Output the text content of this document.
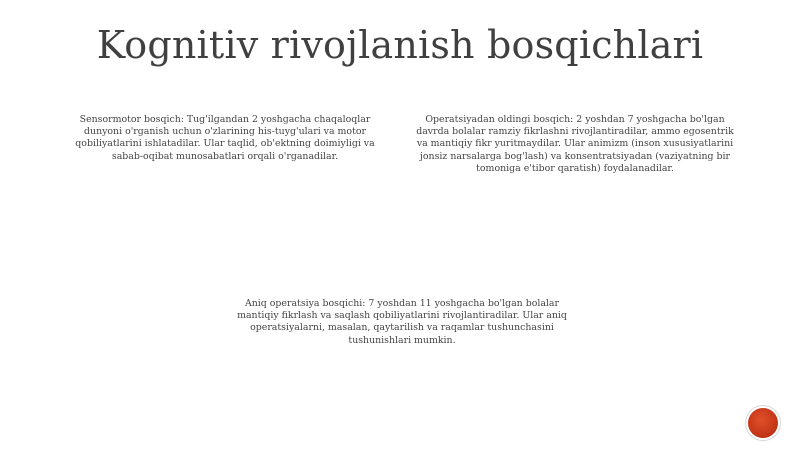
Kognitiv rivojlanish bosqichlari
Sensormotor bosqich: Tug'ilgandan 2 yoshgacha chaqaloqlar dunyoni o'rganish uchun o'zlarining his-tuyg'ulari va motor qobiliyatlarini ishlatadilar. Ular taqlid, ob'ektning doimiyligi va sabab-oqibat munosabatlari orqali o'rganadilar.
Operatsiyadan oldingi bosqich: 2 yoshdan 7 yoshgacha bo'lgan davrda bolalar ramziy fikrlashni rivojlantiradilar, ammo egosentrik va mantiqiy fikr yuritmaydilar. Ular animizm (inson xususiyatlarini jonsiz narsalarga bog'lash) va konsentratsiyadan (vaziyatning bir tomoniga e'tibor qaratish) foydalanadilar.
Aniq operatsiya bosqichi: 7 yoshdan 11 yoshgacha bo'lgan bolalar mantiqiy fikrlash va saqlash qobiliyatlarini rivojlantiradilar. Ular aniq operatsiyalarni, masalan, qaytarilish va raqamlar tushunchasini tushunishlari mumkin.
